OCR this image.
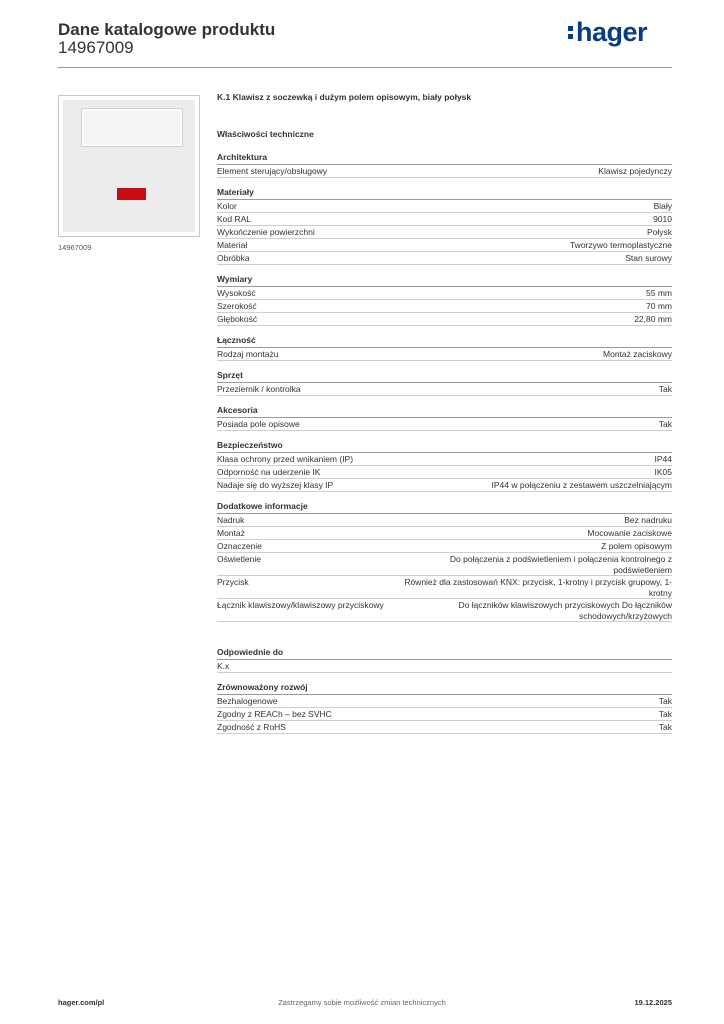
Dane katalogowe produktu
14967009
hager
14967009
K.1 Klawisz z soczewką i dużym polem opisowym, biały połysk
Właściwości techniczne
Architektura
Element sterujący/obsługowy	Klawisz pojedynczy
Materiały
Kolor	Biały
Kod RAL	9010
Wykończenie powierzchni	Połysk
Materiał	Tworzywo termoplastyczne
Obróbka	Stan surowy
Wymiary
Wysokość	55 mm
Szerokość	70 mm
Głębokość	22,80 mm
Łączność
Rodzaj montażu	Montaż zaciskowy
Sprzęt
Przeziernik / kontrolka	Tak
Akcesoria
Posiada pole opisowe	Tak
Bezpieczeństwo
Klasa ochrony przed wnikaniem (IP)	IP44
Odporność na uderzenie IK	IK05
Nadaje się do wyższej klasy IP	IP44 w połączeniu z zestawem uszczelniającym
Dodatkowe informacje
Nadruk	Bez nadruku
Montaż	Mocowanie zaciskowe
Oznaczenie	Z polem opisowym
Oświetlenie	Do połączenia z podświetleniem i połączenia kontrolnego z podświetleniem
Przycisk	Również dla zastosowań KNX: przycisk, 1-krotny i przycisk grupowy, 1-krotny
Łącznik klawiszowy/klawiszowy przyciskowy	Do łączników klawiszowych przyciskowych Do łączników schodowych/krzyżowych
Odpowiednie do
K.x
Zrównoważony rozwój
Bezhalogenowe	Tak
Zgodny z REACh – bez SVHC	Tak
Zgodność z RoHS	Tak
hager.com/pl	Zastrzegamy sobie możliwość zmian technicznych	19.12.2025
